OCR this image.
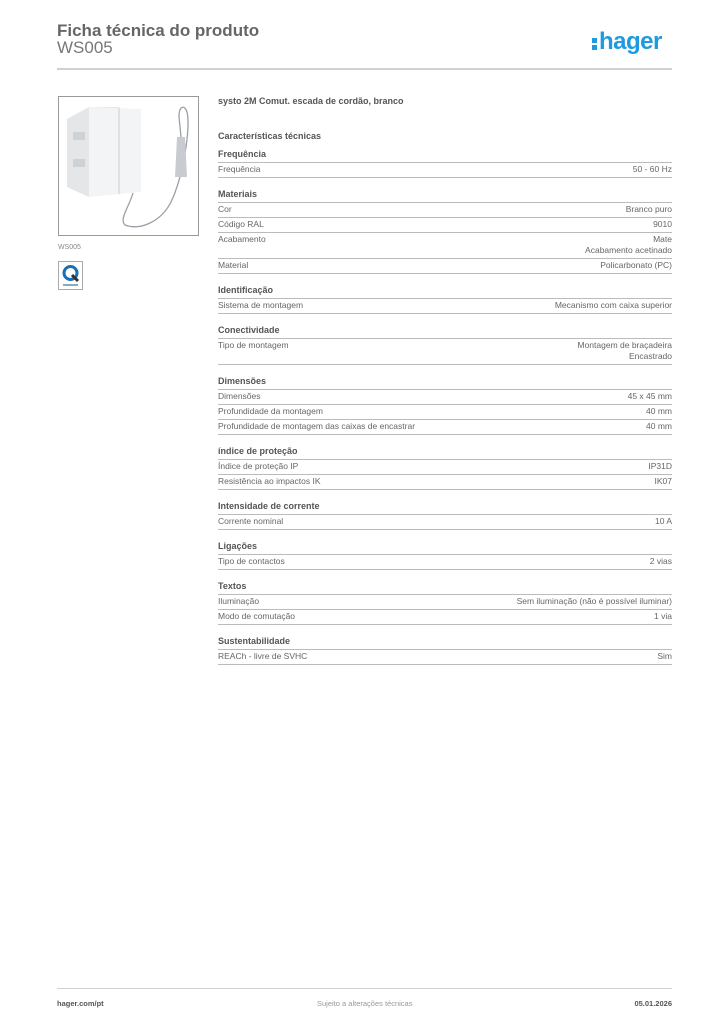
Ficha técnica do produto
WS005	hager
WS005
systo 2M Comut. escada de cordão, branco
Características técnicas
Frequência
Frequência	50 - 60 Hz
Materiais
Cor	Branco puro
Código RAL	9010
Acabamento	Mate
Acabamento acetinado
Material	Policarbonato (PC)
Identificação
Sistema de montagem	Mecanismo com caixa superior
Conectividade
Tipo de montagem	Montagem de braçadeira
Encastrado
Dimensões
Dimensões	45 x 45 mm
Profundidade da montagem	40 mm
Profundidade de montagem das caixas de encastrar	40 mm
índice de proteção
Índice de proteção IP	IP31D
Resistência ao impactos IK	IK07
Intensidade de corrente
Corrente nominal	10 A
Ligações
Tipo de contactos	2 vias
Textos
Iluminação	Sem iluminação (não é possível iluminar)
Modo de comutação	1 via
Sustentabilidade
REACh - livre de SVHC	Sim
hager.com/pt	Sujeito a alterações técnicas	05.01.2026
